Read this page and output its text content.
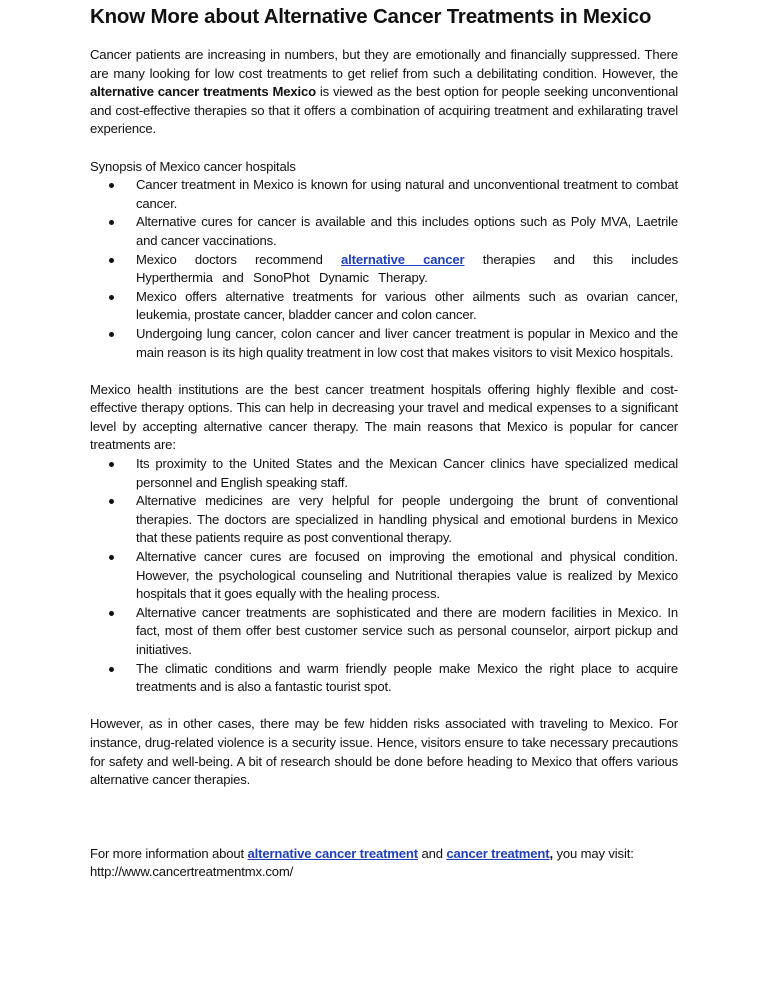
Know More about Alternative Cancer Treatments in Mexico

Cancer patients are increasing in numbers, but they are emotionally and financially suppressed. There are many looking for low cost treatments to get relief from such a debilitating condition. However, the alternative cancer treatments Mexico is viewed as the best option for people seeking unconventional and cost-effective therapies so that it offers a combination of acquiring treatment and exhilarating travel experience.

Synopsis of Mexico cancer hospitals

Cancer treatment in Mexico is known for using natural and unconventional treatment to combat cancer.
Alternative cures for cancer is available and this includes options such as Poly MVA, Laetrile and cancer vaccinations.
Mexico doctors recommend alternative cancer therapies and this includes Hyperthermia and SonoPhot Dynamic Therapy.
Mexico offers alternative treatments for various other ailments such as ovarian cancer, leukemia, prostate cancer, bladder cancer and colon cancer.
Undergoing lung cancer, colon cancer and liver cancer treatment is popular in Mexico and the main reason is its high quality treatment in low cost that makes visitors to visit Mexico hospitals.

Mexico health institutions are the best cancer treatment hospitals offering highly flexible and cost-effective therapy options. This can help in decreasing your travel and medical expenses to a significant level by accepting alternative cancer therapy. The main reasons that Mexico is popular for cancer treatments are:

Its proximity to the United States and the Mexican Cancer clinics have specialized medical personnel and English speaking staff.
Alternative medicines are very helpful for people undergoing the brunt of conventional therapies. The doctors are specialized in handling physical and emotional burdens in Mexico that these patients require as post conventional therapy.
Alternative cancer cures are focused on improving the emotional and physical condition. However, the psychological counseling and Nutritional therapies value is realized by Mexico hospitals that it goes equally with the healing process.
Alternative cancer treatments are sophisticated and there are modern facilities in Mexico. In fact, most of them offer best customer service such as personal counselor, airport pickup and initiatives.
The climatic conditions and warm friendly people make Mexico the right place to acquire treatments and is also a fantastic tourist spot.

However, as in other cases, there may be few hidden risks associated with traveling to Mexico. For instance, drug-related violence is a security issue. Hence, visitors ensure to take necessary precautions for safety and well-being. A bit of research should be done before heading to Mexico that offers various alternative cancer therapies.

For more information about alternative cancer treatment and cancer treatment, you may visit:
http://www.cancertreatmentmx.com/
